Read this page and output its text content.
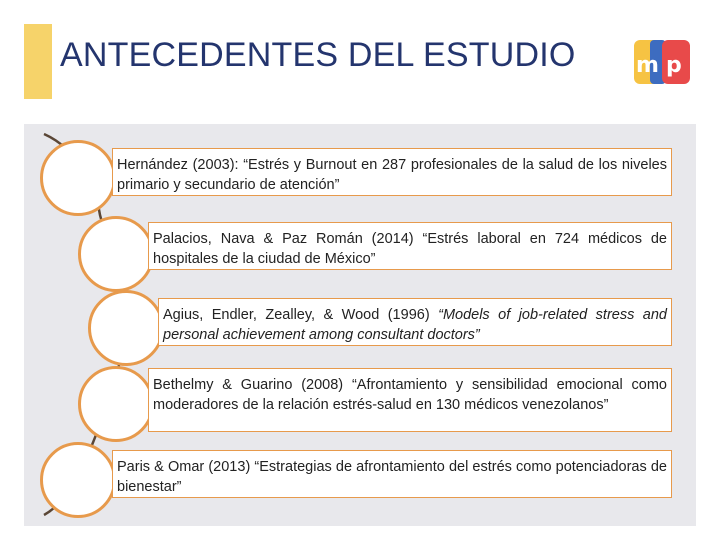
ANTECEDENTES DEL ESTUDIO	m p
Hernández (2003): “Estrés y Burnout en 287 profesionales de la salud de los niveles primario y secundario de atención”
Palacios, Nava & Paz Román (2014) “Estrés laboral en 724 médicos de hospitales de la ciudad de México”
Agius, Endler, Zealley, & Wood (1996) “Models of job-related stress and personal achievement among consultant doctors”
Bethelmy & Guarino (2008) “Afrontamiento y sensibilidad emocional como moderadores de la relación estrés-salud en 130 médicos venezolanos”
Paris & Omar (2013) “Estrategias de afrontamiento del estrés como potenciadoras de bienestar”
